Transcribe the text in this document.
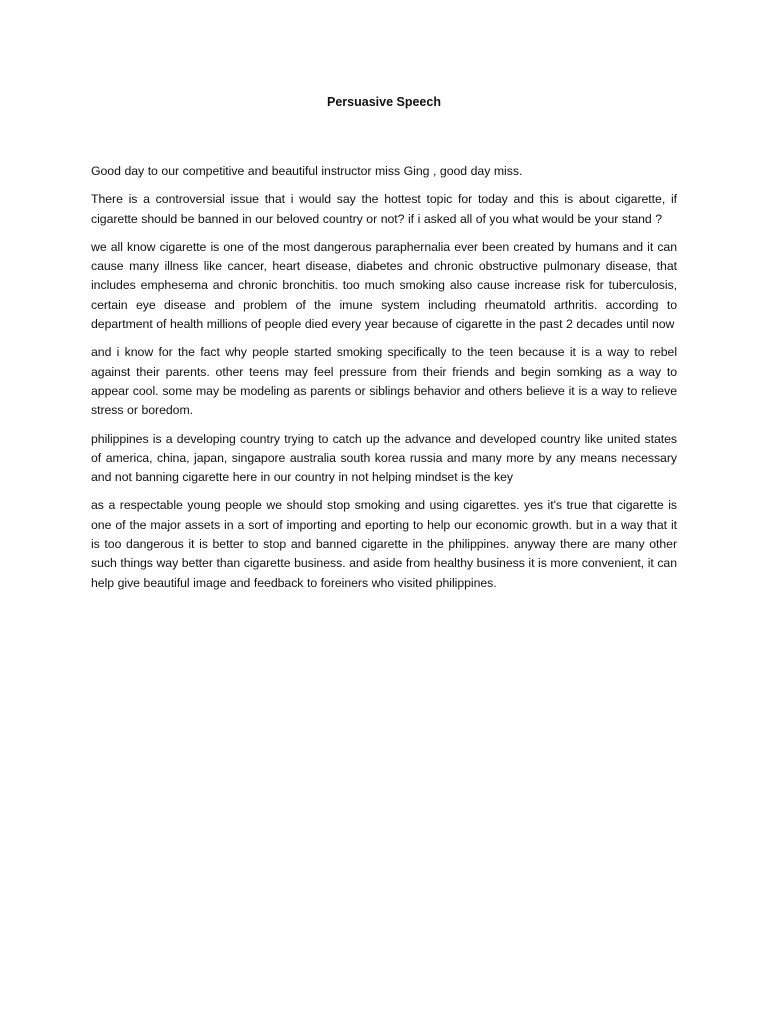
Persuasive Speech

Good day to our competitive and beautiful instructor miss Ging , good day miss.

There is a controversial issue that i would say the hottest topic for today and this is about cigarette, if cigarette should be banned in our beloved country or not? if i asked all of you what would be your stand ?

we all know cigarette is one of the most dangerous paraphernalia ever been created by humans and it can cause many illness like cancer, heart disease, diabetes and chronic obstructive pulmonary disease, that includes emphesema and chronic bronchitis. too much smoking also cause increase risk for tuberculosis, certain eye disease and problem of the imune system including rheumatold arthritis. according to department of health millions of people died every year because of cigarette in the past 2 decades until now

and i know for the fact why people started smoking specifically to the teen because it is a way to rebel against their parents. other teens may feel pressure from their friends and begin somking as a way to appear cool. some may be modeling as parents or siblings behavior and others believe it is a way to relieve stress or boredom.

philippines is a developing country trying to catch up the advance and developed country like united states of america, china, japan, singapore australia south korea russia and many more by any means necessary and not banning cigarette here in our country in not helping mindset is the key

as a respectable young people we should stop smoking and using cigarettes. yes it's true that cigarette is one of the major assets in a sort of importing and eporting to help our economic growth. but in a way that it is too dangerous it is better to stop and banned cigarette in the philippines. anyway there are many other such things way better than cigarette business. and aside from healthy business it is more convenient, it can help give beautiful image and feedback to foreiners who visited philippines.
